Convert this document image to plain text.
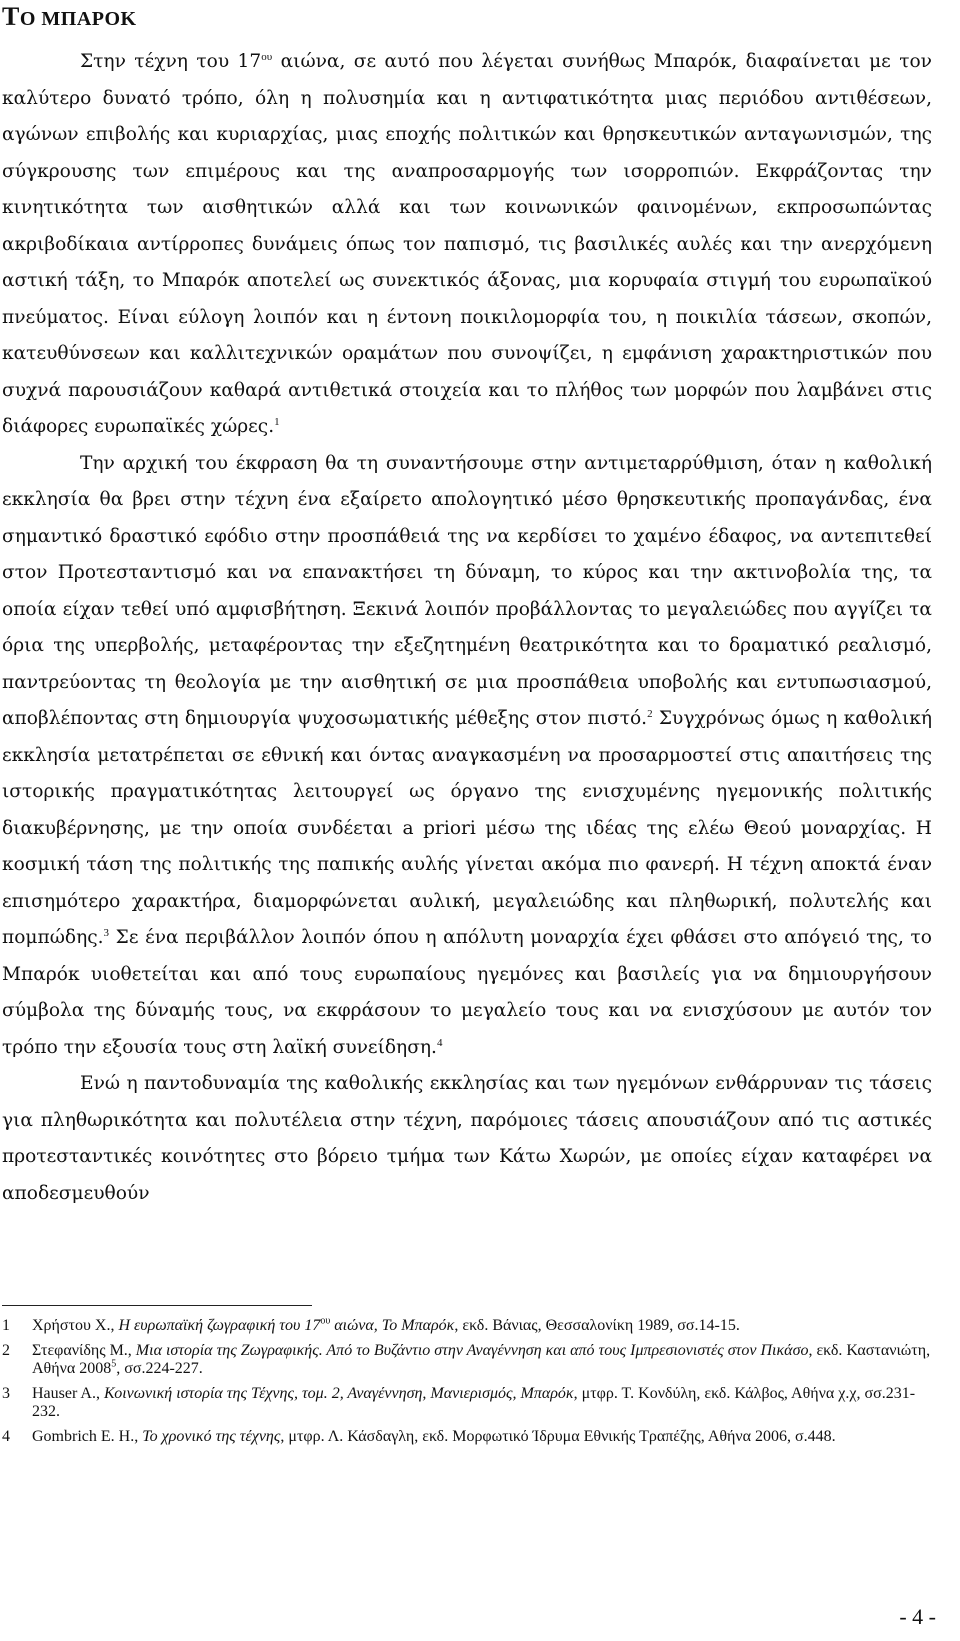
ΤΟ ΜΠΑΡΟΚ

Στην τέχνη του $17^{o\upsilon}$ αιώνα, σε αυτό που λέγεται συνήθως Μπαρόκ, διαφαίνεται με τον καλύτερο δυνατό τρόπο, όλη η πολυσημία και η αντιφατικότητα μιας περιόδου αντιθέσεων, αγώνων επιβολής και κυριαρχίας, μιας εποχής πολιτικών και θρησκευτικών ανταγωνισμών, της σύγκρουσης των επιμέρους και της αναπροσαρμογής των ισορροπιών. Εκφράζοντας την κινητικότητα των αισθητικών αλλά και των κοινωνικών φαινομένων, εκπροσωπώντας ακριβοδίκαια αντίρροπες δυνάμεις όπως τον παπισμό, τις βασιλικές αυλές και την ανερχόμενη αστική τάξη, το Μπαρόκ αποτελεί ως συνεκτικός άξονας, μια κορυφαία στιγμή του ευρωπαϊκού πνεύματος. Είναι εύλογη λοιπόν και η έντονη ποικιλομορφία του, η ποικιλία τάσεων, σκοπών, κατευθύνσεων και καλλιτεχνικών οραμάτων που συνοψίζει, η εμφάνιση χαρακτηριστικών που συχνά παρουσιάζουν καθαρά αντιθετικά στοιχεία και το πλήθος των μορφών που λαμβάνει στις διάφορες ευρωπαϊκές χώρες.$^1$

Την αρχική του έκφραση θα τη συναντήσουμε στην αντιμεταρρύθμιση, όταν η καθολική εκκλησία θα βρει στην τέχνη ένα εξαίρετο απολογητικό μέσο θρησκευτικής προπαγάνδας, ένα σημαντικό δραστικό εφόδιο στην προσπάθειά της να κερδίσει το χαμένο έδαφος, να αντεπιτεθεί στον Προτεσταντισμό και να επανακτήσει τη δύναμη, το κύρος και την ακτινοβολία της, τα οποία είχαν τεθεί υπό αμφισβήτηση. Ξεκινά λοιπόν προβάλλοντας το μεγαλειώδες που αγγίζει τα όρια της υπερβολής, μεταφέροντας την εξεζητημένη θεατρικότητα και το δραματικό ρεαλισμό, παντρεύοντας τη θεολογία με την αισθητική σε μια προσπάθεια υποβολής και εντυπωσιασμού, αποβλέποντας στη δημιουργία ψυχοσωματικής μέθεξης στον πιστό.$^2$ Συγχρόνως όμως η καθολική εκκλησία μετατρέπεται σε εθνική και όντας αναγκασμένη να προσαρμοστεί στις απαιτήσεις της ιστορικής πραγματικότητας λειτουργεί ως όργανο της ενισχυμένης ηγεμονικής πολιτικής διακυβέρνησης, με την οποία συνδέεται a priori μέσω της ιδέας της ελέω Θεού μοναρχίας. Η κοσμική τάση της πολιτικής της παπικής αυλής γίνεται ακόμα πιο φανερή. Η τέχνη αποκτά έναν επισημότερο χαρακτήρα, διαμορφώνεται αυλική, μεγαλειώδης και πληθωρική, πολυτελής και πομπώδης.$^3$ Σε ένα περιβάλλον λοιπόν όπου η απόλυτη μοναρχία έχει φθάσει στο απόγειό της, το Μπαρόκ υιοθετείται και από τους ευρωπαίους ηγεμόνες και βασιλείς για να δημιουργήσουν σύμβολα της δύναμής τους, να εκφράσουν το μεγαλείο τους και να ενισχύσουν με αυτόν τον τρόπο την εξουσία τους στη λαϊκή συνείδηση.$^4$

Ενώ η παντοδυναμία της καθολικής εκκλησίας και των ηγεμόνων ενθάρρυναν τις τάσεις για πληθωρικότητα και πολυτέλεια στην τέχνη, παρόμοιες τάσεις απουσιάζουν από τις αστικές προτεσταντικές κοινότητες στο βόρειο τμήμα των Κάτω Χωρών, με οποίες είχαν καταφέρει να αποδεσμευθούν

1	Χρήστου Χ., Η ευρωπαϊκή ζωγραφική του $17^{o\upsilon}$ αιώνα, Το Μπαρόκ, εκδ. Βάνιας, Θεσσαλονίκη 1989, σσ.14-15.
2	Στεφανίδης Μ., Μια ιστορία της Ζωγραφικής. Από το Βυζάντιο στην Αναγέννηση και από τους Ιμπρεσιονιστές στον Πικάσο, εκδ. Καστανιώτη, Αθήνα 2008$^5$, σσ.224-227.
3	Hauser A., Κοινωνική ιστορία της Τέχνης, τομ. 2, Αναγέννηση, Μανιερισμός, Μπαρόκ, μτφρ. Τ. Κονδύλη, εκδ. Κάλβος, Αθήνα χ.χ, σσ.231-232.
4	Gombrich E. H., Το χρονικό της τέχνης, μτφρ. Λ. Κάσδαγλη, εκδ. Μορφωτικό Ίδρυμα Εθνικής Τραπέζης, Αθήνα 2006, σ.448.
- 4 -
